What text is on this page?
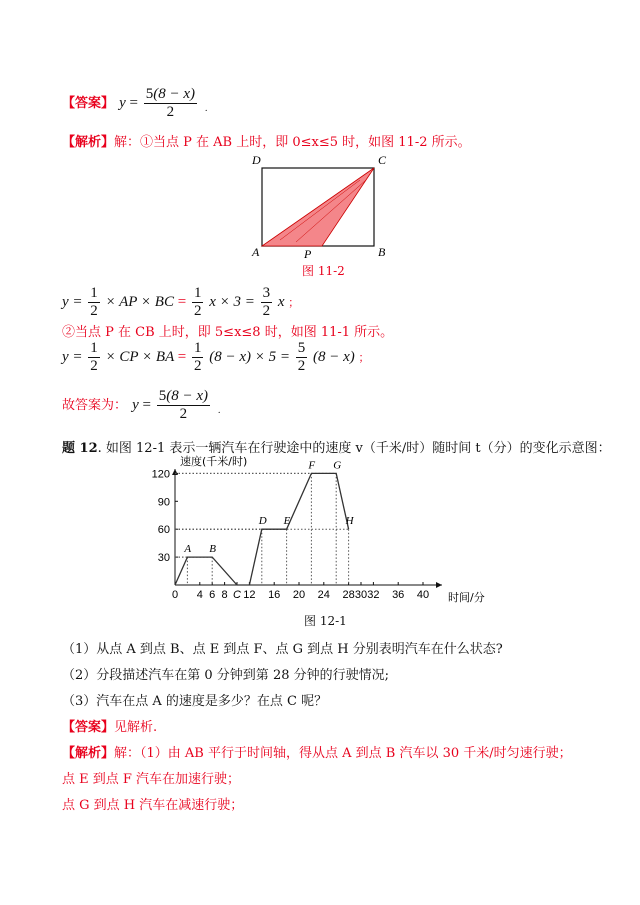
【答案】 $y = \frac{5(8 - x)}{2} _.$
【解析】解：①当点 P 在 AB 上时，即 0≤x≤5 时，如图 11-2 所示。
D	C
A	B
P
图 11-2
$y = \frac{1}{2}$ × AP × BC = $\frac{1}{2}$ $x \times 3 = \frac{3}{2}$ x ；
②当点 P 在 CB 上时，即 5≤x≤8 时，如图 11-1 所示。
$y = \frac{1}{2}$ × CP × BA = $\frac{1}{2} (8 - x) \times 5 = \frac{5}{2} (8 - x)$ ；
故答案为： $y = \frac{5(8 - x)}{2} _.$
题 12. 如图 12-1 表示一辆汽车在行驶途中的速度 v（千米/时）随时间 t（分）的变化示意图：
速度(千米/时)
时间/分
30
60
90
120
0 4 6 8 C 12 16 20 24 28 30 32 36 40
A B
D E
F G
H
图 12-1
（1）从点 A 到点 B、点 E 到点 F、点 G 到点 H 分别表明汽车在什么状态?
（2）分段描述汽车在第 0 分钟到第 28 分钟的行驶情况;
（3）汽车在点 A 的速度是多少？在点 C 呢？
【答案】见解析.
【解析】解：（1）由 AB 平行于时间轴，得从点 A 到点 B 汽车以 30 千米/时匀速行驶；
点 E 到点 F 汽车在加速行驶；
点 G 到点 H 汽车在减速行驶；
